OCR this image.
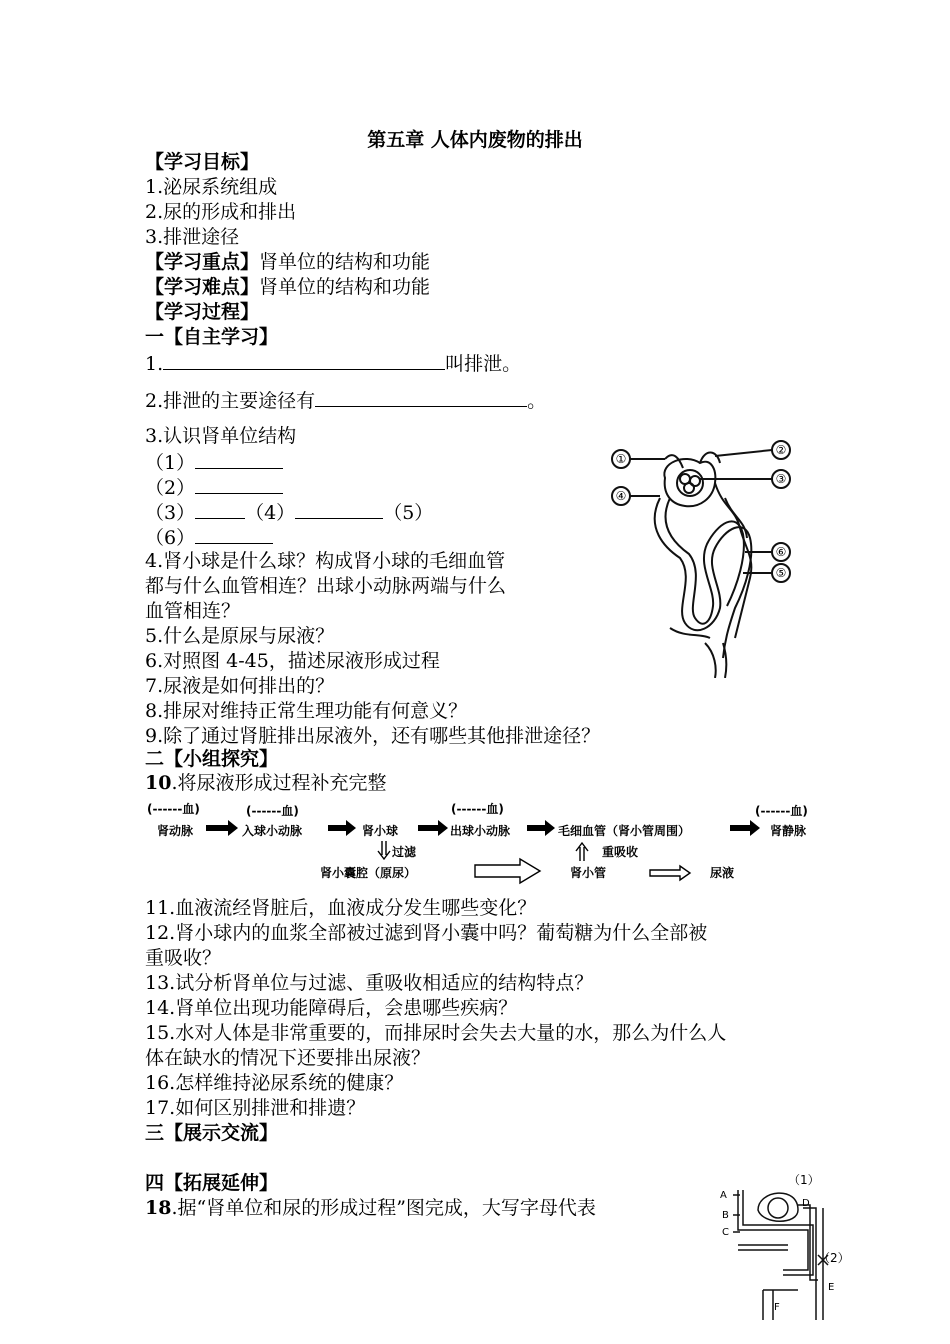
第五章 人体内废物的排出
【学习目标】
1.泌尿系统组成
2.尿的形成和排出
3.排泄途径
【学习重点】肾单位的结构和功能
【学习难点】肾单位的结构和功能
【学习过程】
一【自主学习】
1.	叫排泄。
2.排泄的主要途径有	。
3.认识肾单位结构
（1）
（2）
（3）	（4）	（5）
（6）
4.肾小球是什么球？构成肾小球的毛细血管
都与什么血管相连？出球小动脉两端与什么
血管相连？
5.什么是原尿与尿液？
6.对照图 4-45，描述尿液形成过程
7.尿液是如何排出的？
8.排尿对维持正常生理功能有何意义？
9.除了通过肾脏排出尿液外，还有哪些其他排泄途径？
①
②
③
④
⑥
⑤
二【小组探究】
10.将尿液形成过程补充完整
(------血)	(------血)	(------血)	(------血)
肾动脉	入球小动脉	肾小球	出球小动脉	毛细血管（肾小管周围）	肾静脉
过滤	重吸收
肾小囊腔（原尿）	肾小管	尿液
11.血液流经肾脏后，血液成分发生哪些变化？
12.肾小球内的血浆全部被过滤到肾小囊中吗？葡萄糖为什么全部被
重吸收？
13.试分析肾单位与过滤、重吸收相适应的结构特点？
14.肾单位出现功能障碍后，会患哪些疾病？
15.水对人体是非常重要的，而排尿时会失去大量的水，那么为什么人
体在缺水的情况下还要排出尿液？
16.怎样维持泌尿系统的健康？
17.如何区别排泄和排遗？
三【展示交流】
四【拓展延伸】
18.据“肾单位和尿的形成过程”图完成，大写字母代表
A
B
C
D
E
F
（1）
（2）
